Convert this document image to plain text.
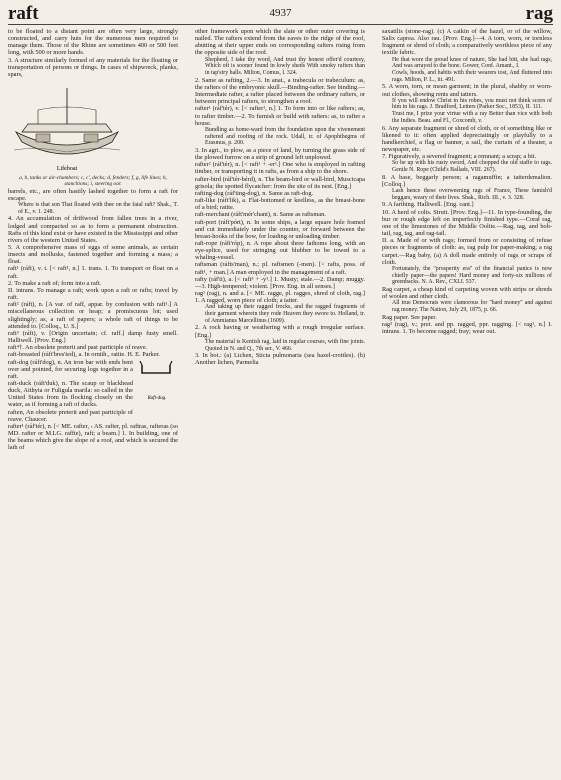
raft	4937	rag

to be floated to a distant point are often very large, strongly constructed, and carry huts for the numerous men required to manage them. Those of the Rhine are sometimes 400 or 500 feet long, with 500 or more hands.

3. A structure similarly formed of any materials for the floating or transportation of persons or things. In cases of shipwreck, planks, spars,

Lifeboat
a, b, tanks or air-chambers; c, c', decks; d, fenders; f, g, life lines; h, stanchions; i, steering oar.

barrels, etc., are often hastily lashed together to form a raft for escape.

Where is that son That floated with thee on the fatal raft? Shak., T. of E., v. 1. 248.

4. An accumulation of driftwood from fallen trees in a river, lodged and compacted so as to form a permanent obstruction. Rafts of this kind exist or have existed in the Mississippi and other rivers of the western United States.

5. A comprehensive mass of eggs of some animals, as certain insects and mollusks, fastened together and forming a mass; a float.

raft¹ (ráft), v. t. [< raft¹, n.] 1. trans. 1. To transport or float on a raft.

2. To make a raft of; form into a raft.

II. intrans. To manage a raft; work upon a raft or rafts; travel by raft.

raft² (ráft), n. [A var. of raff, appar. by confusion with raft¹.] A miscellaneous collection or heap; a promiscuous lot; used slightingly; as, a raft of papers; a whole raft of things to be attended to. [Colloq., U. S.]

raft³ (ráft), v. [Origin uncertain; cf. raff.] damp fusty smell. Halliwell. [Prov. Eng.]

raft⁴†. An obsolete preterit and past participle of reave.

raft-breasted (ráft'bres'ted), a. In ornith., ratite. H. E. Parker.

Raft-dog.

raft-dog (ráft'dog), n. An iron bar with ends bent over and pointed, for securing logs together in a raft.

raft-duck (ráft'duk), n. The scaup or blackhead duck, Aithyia or Fuligula marila: so called in the United States from its flocking closely on the water, as if forming a raft of ducks.

raften, An obsolete preterit and past participle of reave. Chaucer.

rafter¹ (ráf'tér), n. [< ME. rafter, ‹ AS. rafter, pl. raftras, rafteras (so MD. rafter or M.LG. raffte), raft; a beam.] 1. In building, one of the beams which give the slope of a roof, and which is secured the lath of

other framework upon which the slate or other outer covering is nailed. The rafters extend from the eaves to the ridge of the roof, abutting at their upper ends on corresponding rafters rising from the opposite side of the roof.

Shepherd, I take thy word, And trust thy honest offer'd courtesy, Which oft is sooner found in lowly sheds With smoky rafters than in tap'stry halls. Milton, Comus, l. 324.

2. Same as rafting, 2.—3. In anat., a trabecula or trabeculum: as, the rafters of the embryonic skull.—Binding-rafter. See binding.—Intermediate rafter, a rafter placed between the ordinary rafters, or between principal rafters, to strengthen a roof.

rafter¹ (ráf'tér), v. [< rafter¹, n.] 1. To form into or like rafters; as, to rafter timber.—2. To furnish or build with rafters: as, to rafter a house.

Bundling as home-ward from the foundation upon the vivenement raftered and roofing of the rock. Udall, tr. of Apophthegms of Erasmus, p. 200.

3. In agri., to plow, as a piece of land, by turning the grass side of the plowed furrow on a strip of ground left unplowed.

rafter² (ráf'tér), n. [< raft¹ + -er¹.] One who is employed in rafting timber, or transporting it in rafts, as from a ship to the shore.

rafter-bird (ráf'tér-bérd), n. The beam-bird or wall-bird, Muscicapa grisola; the spotted flycatcher: from the site of its nest. [Eng.]

rafting-dog (ráf'ting-dog), n. Same as raft-dog.

raft-like (ráft'lik), a. Flat-bottomed or keelless, as the breast-bone of a bird; ratite.

raft-merchant (ráft'mér'chant), n. Same as raftsman.

raft-port (ráft'pórt), n. In some ships, a large square hole framed and cut immediately under the counter, or forward between the breast-hooks of the bow, for loading or unloading timber.

raft-rope (ráft'róp), n. A rope about three fathoms long, with an eye-splice, used for stringing out blubber to be towed to a whaling-vessel.

raftsman (ráfts'man), n.; pl. raftsmen (-men). [< rafts, poss. of raft¹, + man.] A man employed in the management of a raft.

rafty (ráf'ti), a. [< raft³ + -y¹.] 1. Musty; stale.—2. Damp; muggy.—3. High-tempered; violent. [Prov. Eng. in all senses.]

rag¹ (rag), n. and a. [< ME. ragge, pl. ragges, shred of cloth, rag.] 1. A ragged, worn piece of cloth; a tatter.

And taking up their ragged frocks, and the ragged fragments of their garment wherein they rode Heaven they swore to. Holland, tr. of Ammianus Marcellinus (1609).

2. A rock having or weathering with a rough irregular surface. [Eng.]

The material is Kentish rag, laid in regular courses, with fine joints. Quoted in N. and Q., 7th ser., V. 466.

3. In bot.: (a) Lichen, Sticta pulmonaria (sea hazel-crottles). (b) Another lichen, Parmelia

saxatilis (stone-rag). (c) A catkin of the hazel, or of the willow, Salix caprea. Also rau. [Prov. Eng.]—4. A torn, worn, or tornless fragment or shred of cloth; a comparatively worthless piece of any textile fabric.

He that wore the proud knee of nature, She had bitt, she had rags, And was arrayed to the bone. Gower, Conf. Amant., I.

Cowls, hoods, and habits with their wearers tost, And fluttered into rags. Milton, P. L., iii. 491.

5. A worn, torn, or mean garment; in the plural, shabby or worn-out clothes, showing rents and tatters.

If you will endow Christ in his robes, you must not think scorn of him in his rags. J. Bradford, Letters (Parker Soc., 1853), II. 111.

Trust me, I prize your virtue with a ray Better than vice with both the Indies. Beau. and Fl., Coxcomb, v.

6. Any separate fragment or shred of cloth, or of something like or likened to it: often applied depreciatingly or playfully to a handkerchief, a flag or banner, a sail, the curtain of a theater, a newspaper, etc.

7. Figuratively, a severed fragment; a remnant; a scrap; a bit.

So be up with his rusty sword, And chopped the old staffe to rags. Gentle N. Rope (Child's Ballads, VIII. 267).

8. A base, beggarly person; a ragamuffin; a tatterdemalion. [Colloq.]

Lash hence these overweening rags of France, These famish'd beggars, weary of their lives. Shak., Rich. III., v. 3. 328.

9. A farthing. Halliwell. [Eng. cant.]

10. A herd of colts. Strutt. [Prov. Eng.]—11. In type-founding, the bur or rough edge left on imperfectly finished type.—Coral rag, one of the limestones of the Middle Oolite.—Rag, tag, and bob-tail, rag, tag, and rag-tail.

II. a. Made of or with rags; formed from or consisting of refuse pieces or fragments of cloth: as, rag pulp for paper-making; a rag carpet.—Rag baby, (a) A doll made entirely of rags or scraps of cloth.

Fortunately, the "prosperity era" of the financial panics is now chiefly paper—the papers! Hard money and forty-six millions of greenbacks. N. A. Rev., CXLI. 537.

Rag carpet, a cheap kind of carpeting woven with strips or shreds of woolen and other cloth.

All true Democrats were clamorous for "hard money" and against rag money. The Nation, July 29, 1875, p. 66.

Rag paper. See paper.

rag² (rag), v.; pret. and pp. ragged, ppr. ragging. [< rag¹, n.] I. intrans. 1. To become ragged; fray; wear out.
